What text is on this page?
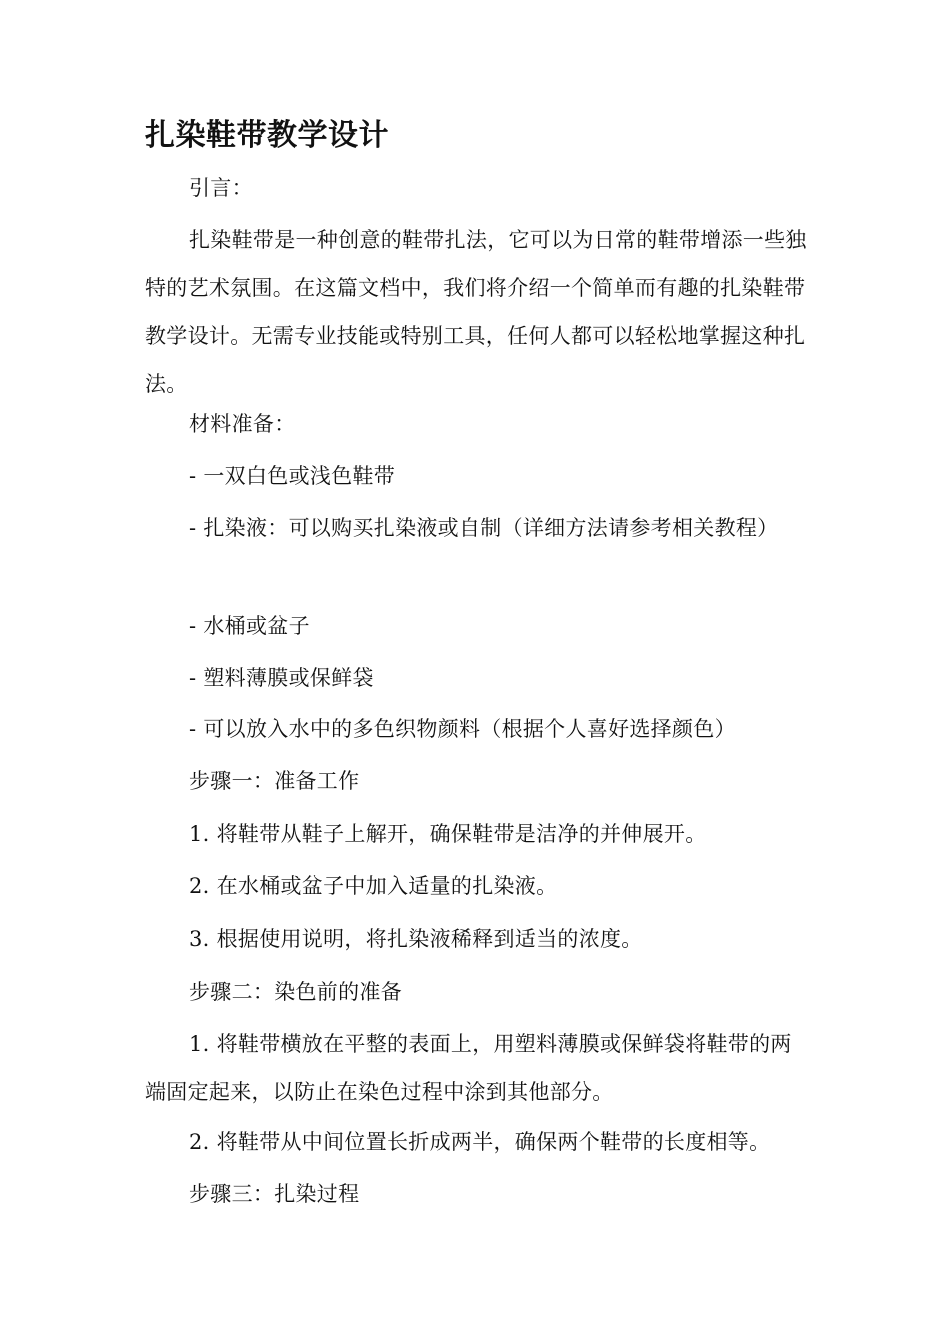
扎染鞋带教学设计

引言：

扎染鞋带是一种创意的鞋带扎法，它可以为日常的鞋带增添一些独特的艺术氛围。在这篇文档中，我们将介绍一个简单而有趣的扎染鞋带教学设计。无需专业技能或特别工具，任何人都可以轻松地掌握这种扎法。

材料准备：

- 一双白色或浅色鞋带

- 扎染液：可以购买扎染液或自制（详细方法请参考相关教程）

- 水桶或盆子

- 塑料薄膜或保鲜袋

- 可以放入水中的多色织物颜料（根据个人喜好选择颜色）

步骤一：准备工作

1. 将鞋带从鞋子上解开，确保鞋带是洁净的并伸展开。

2. 在水桶或盆子中加入适量的扎染液。

3. 根据使用说明，将扎染液稀释到适当的浓度。

步骤二：染色前的准备

1. 将鞋带横放在平整的表面上，用塑料薄膜或保鲜袋将鞋带的两端固定起来，以防止在染色过程中涂到其他部分。

2. 将鞋带从中间位置长折成两半，确保两个鞋带的长度相等。

步骤三：扎染过程
